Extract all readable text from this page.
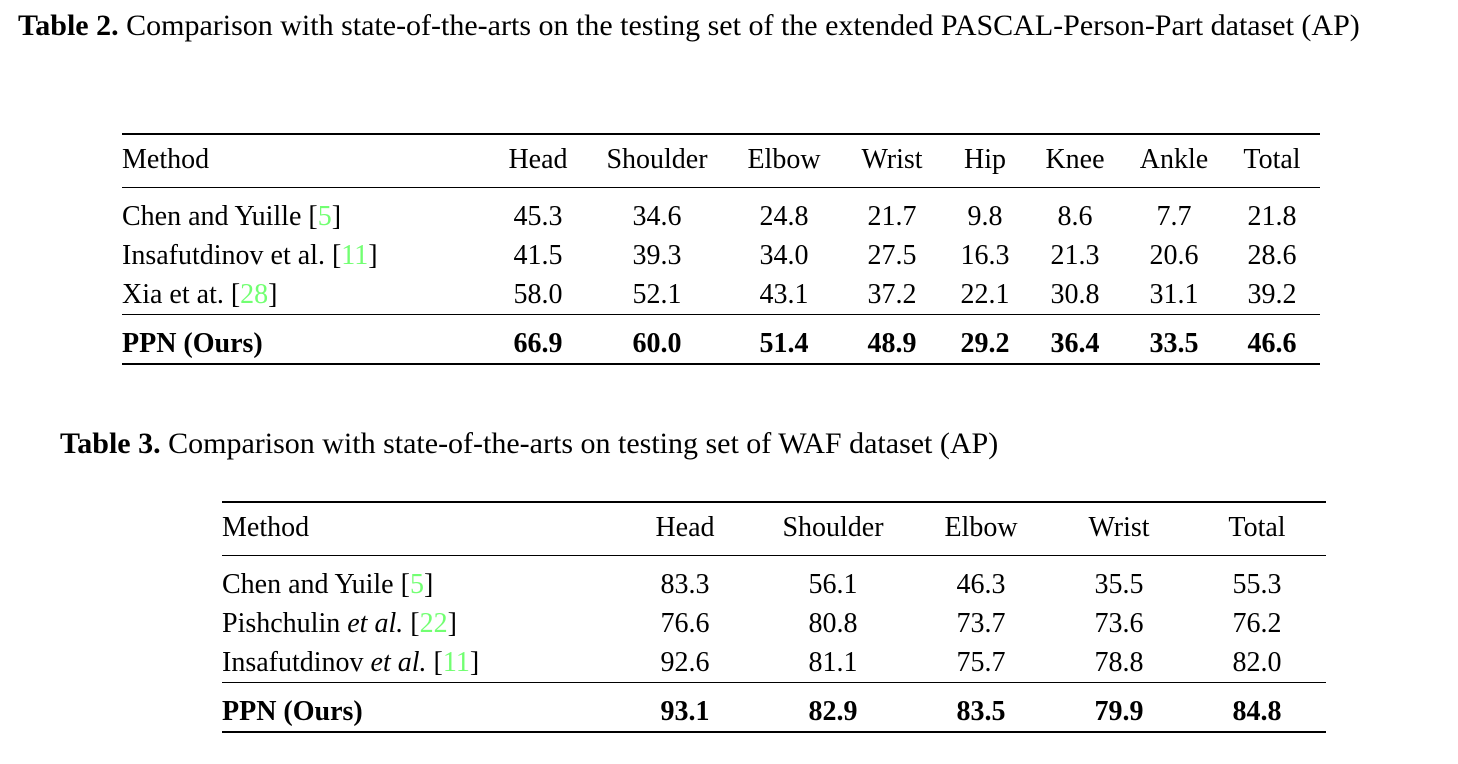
Table 2. Comparison with state-of-the-arts on the testing set of the extended PASCAL-Person-Part dataset (AP)

Method	Head	Shoulder	Elbow	Wrist	Hip	Knee	Ankle	Total

Chen and Yuille [5]	45.3	34.6	24.8	21.7	9.8	8.6	7.7	21.8
Insafutdinov et al. [11]	41.5	39.3	34.0	27.5	16.3	21.3	20.6	28.6
Xia et at. [28]	58.0	52.1	43.1	37.2	22.1	30.8	31.1	39.2

PPN (Ours)	66.9	60.0	51.4	48.9	29.2	36.4	33.5	46.6
Table 3. Comparison with state-of-the-arts on testing set of WAF dataset (AP)

Method	Head	Shoulder	Elbow	Wrist	Total

Chen and Yuile [5]	83.3	56.1	46.3	35.5	55.3
Pishchulin et al. [22]	76.6	80.8	73.7	73.6	76.2
Insafutdinov et al. [11]	92.6	81.1	75.7	78.8	82.0

PPN (Ours)	93.1	82.9	83.5	79.9	84.8
